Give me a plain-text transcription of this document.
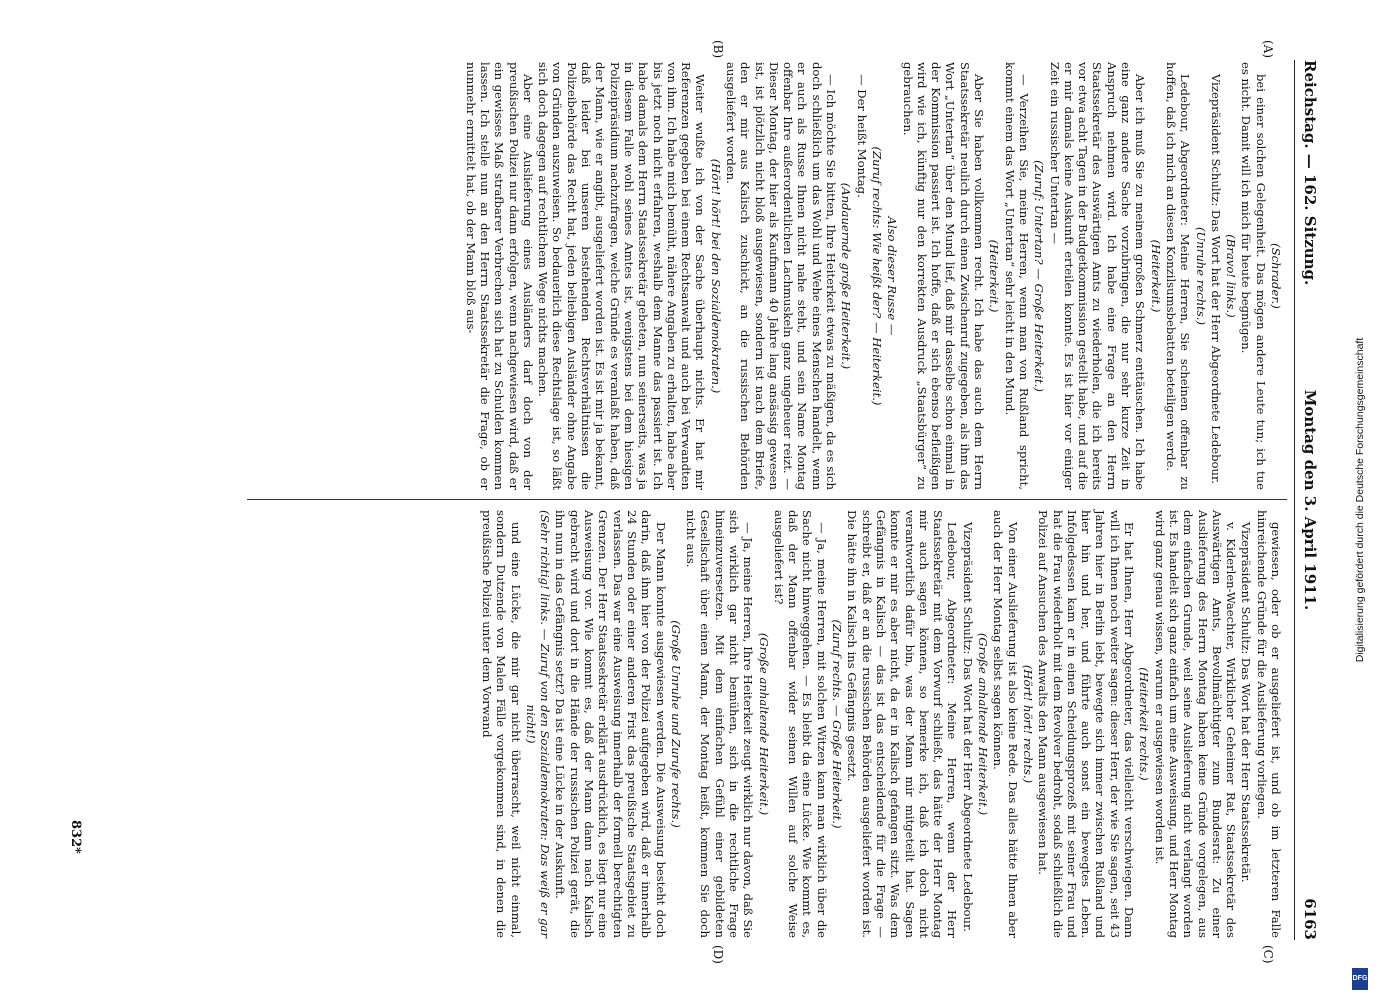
Reichstag. — 162. Sitzung.
Montag den 3. April 1911.
6163
(A)
(B)
(C)
(D)

(Schrader.)

bei einer solchen Gelegenheit. Das mögen andere Leute tun; ich tue es nicht. Damit will ich mich für heute begnügen.

(Bravo! links.)

Vizepräsident Schultz: Das Wort hat der Herr Abgeordnete Ledebour.

(Unruhe rechts.)

Ledebour, Abgeordneter: Meine Herren, Sie scheinen offenbar zu hoffen, daß ich mich an diesen Konzilsumsbebatten beteiligen werde.

(Heiterkeit.)

Aber ich muß Sie zu meinem großen Schmerz enttäuschen. Ich habe eine ganz andere Sache vorzubringen, die nur sehr kurze Zeit in Anspruch nehmen wird. Ich habe eine Frage an den Herrn Staatssekretär des Auswärtigen Amts zu wiederholen, die ich bereits vor etwa acht Tagen in der Budgetkommission gestellt habe, und auf die er mir damals keine Auskunft erteilen konnte. Es ist hier vor einiger Zeit ein russischer Untertan —

(Zuruf: Untertan? — Große Heiterkeit.)

— Verzeihen Sie, meine Herren, wenn man von Rußland spricht, kommt einem das Wort „Untertan“ sehr leicht in den Mund.

(Heiterkeit.)

Aber Sie haben vollkommen recht. Ich habe das auch dem Herrn Staatssekretär neulich durch einen Zwischenruf zugegeben, als ihm das Wort „Untertan“ über den Mund lief, daß mir dasselbe schon einmal in der Kommission passiert ist. Ich hoffe, daß er sich ebenso befleißigen wird wie ich, künftig nur den korrekten Ausdruck „Staatsbürger“ zu gebrauchen.

Also dieser Russe —

(Zuruf rechts: Wie heißt der? — Heiterkeit.)

— Der heißt Montag.

(Andauernde große Heiterkeit.)

— Ich möchte Sie bitten, Ihre Heiterkeit etwas zu mäßigen, da es sich doch schließlich um das Wohl und Wehe eines Menschen handelt, wenn er auch als Russe Ihnen nicht nahe steht, und sein Name Montag offenbar Ihre außerordentlichen Lachmuskeln ganz ungeheuer reizt. — Dieser Montag, der hier als Kaufmann 40 Jahre lang ansässig gewesen ist, ist plötzlich nicht bloß ausgewiesen, sondern ist nach dem Briefe, den er mir aus Kalisch zuschickt, an die russischen Behörden ausgeliefert worden.

(Hört! hört! bei den Sozialdemokraten.)

Weiter wußte ich von der Sache überhaupt nichts. Er hat mir Referenzen gegeben bei einem Rechtsanwalt und auch bei Verwandten von ihm. Ich habe mich bemüht, nähere Angaben zu erhalten, habe aber bis jetzt noch nicht erfahren, weshalb dem Manne das passiert ist. Ich habe damals dem Herrn Staatssekretär gebeten, nun seinerseits, was ja in diesem Falle wohl seines Amtes ist, wenigstens bei dem hiesigen Polizeipräsidium nachzufragen, welche Gründe es veranlaßt haben, daß der Mann, wie er angibt, ausgeliefert worden ist. Es ist mir ja bekannt, daß leider bei unseren bestehenden Rechtsverhältnissen die Polizeibehörde das Recht hat, jeden beliebigen Ausländer ohne Angabe von Gründen auszuweisen. So bedauerlich diese Rechtslage ist, so läßt sich doch dagegen auf rechtlichem Wege nichts machen.

Aber eine Auslieferung eines Ausländers darf doch von der preußischen Polizei nur dann erfolgen, wenn nachgewiesen wird, daß er ein gewisses Maß strafbarer Verbrechen sich hat zu Schulden kommen lassen. Ich stelle nun an den Herrn Staatssekretär die Frage, ob er nunmehr ermittelt hat, ob der Mann bloß aus-

gewiesen, oder ob er ausgeliefert ist, und ob im letzteren Falle hinreichende Gründe für die Auslieferung vorliegen.

Vizepräsident Schultz: Das Wort hat der Herr Staatssekretär.

v. Kiderlen-Waechter, Wirklicher Geheimer Rat, Staatssekretär des Auswärtigen Amts, Bevollmächtigter zum Bundesrat: Zu einer Auslieferung des Herrn Montag haben keine Gründe vorgelegen, aus dem einfachen Grunde, weil seine Auslieferung nicht verlangt worden ist. Es handelt sich ganz einfach um eine Ausweisung, und Herr Montag wird ganz genau wissen, warum er ausgewiesen worden ist.

(Heiterkeit rechts.)

Er hat Ihnen, Herr Abgeordneter, das vielleicht verschwiegen. Dann will ich Ihnen noch weiter sagen: dieser Herr, der wie Sie sagen, seit 43 Jahren hier in Berlin lebt, bewegte sich immer zwischen Rußland und hier hin und her, und führte auch sonst ein bewegtes Leben. Infolgedessen kam er in einen Scheidungsprozeß mit seiner Frau und hat die Frau wiederholt mit dem Revolver bedroht, sodaß schließlich die Polizei auf Ansuchen des Anwalts den Mann ausgewiesen hat.

(Hört! hört! rechts.)

Von einer Auslieferung ist also keine Rede. Das alles hätte Ihnen aber auch der Herr Montag selbst sagen können.

(Große anhaltende Heiterkeit.)

Vizepräsident Schultz: Das Wort hat der Herr Abgeordnete Ledebour.

Ledebour, Abgeordneter: Meine Herren, wenn der Herr Staatssekretär mit dem Vorwurf schließt, das hätte der Herr Montag mir auch sagen können, so bemerke ich, daß ich doch nicht verantwortlich dafür bin, was der Mann mir mitgeteilt hat. Sagen konnte er mir es aber nicht, da er in Kalisch gefangen sitzt. Was dem Gefängnis in Kalisch — das ist das entscheidende für die Frage — schreibt er, daß er an die russischen Behörden ausgeliefert worden ist. Die hätte ihn in Kalisch ins Gefängnis gesetzt.

(Zuruf rechts. — Große Heiterkeit.)

— Ja, meine Herren, mit solchen Witzen kann man wirklich über die Sache nicht hinweggehen. — Es bleibt da eine Lücke. Wie kommt es, daß der Mann offenbar wider seinen Willen auf solche Weise ausgeliefert ist?

(Große anhaltende Heiterkeit.)

— Ja, meine Herren, Ihre Heiterkeit zeugt wirklich nur davon, daß Sie sich wirklich gar nicht bemühen, sich in die rechtliche Frage hineinzuversetzen. Mit dem einfachen Gefühl einer gebildeten Gesellschaft über einen Mann, der Montag heißt, kommen Sie doch nicht aus.

(Große Unruhe und Zurufe rechts.)

Der Mann konnte ausgewiesen werden. Die Ausweisung besteht doch darin, daß ihm hier von der Polizei aufgegeben wird, daß er innerhalb 24 Stunden oder einer anderen Frist das preußische Staatsgebiet zu verlassen. Das war eine Ausweisung innerhalb der formell berechtigten Grenzen. Der Herr Staatssekretär erklärt ausdrücklich, es liegt nur eine Ausweisung vor. Wie kommt es, daß der Mann dann nach Kalisch gebracht wird und dort in die Hände der russischen Polizei gerät, die ihn nun in das Gefängnis setzt? Da ist eine Lücke in der Auskunft.

(Sehr richtig! links. — Zuruf von den Sozialdemokraten: Das weiß er gar nicht!)

und eine Lücke, die mir gar nicht überrascht, weil nicht einmal, sondern Dutzende von Malen Fälle vorgekommen sind, in denen die preußische Polizei unter dem Vorwand

832*
Digitalisierung gefördert durch die Deutsche Forschungsgemeinschaft
DFG
